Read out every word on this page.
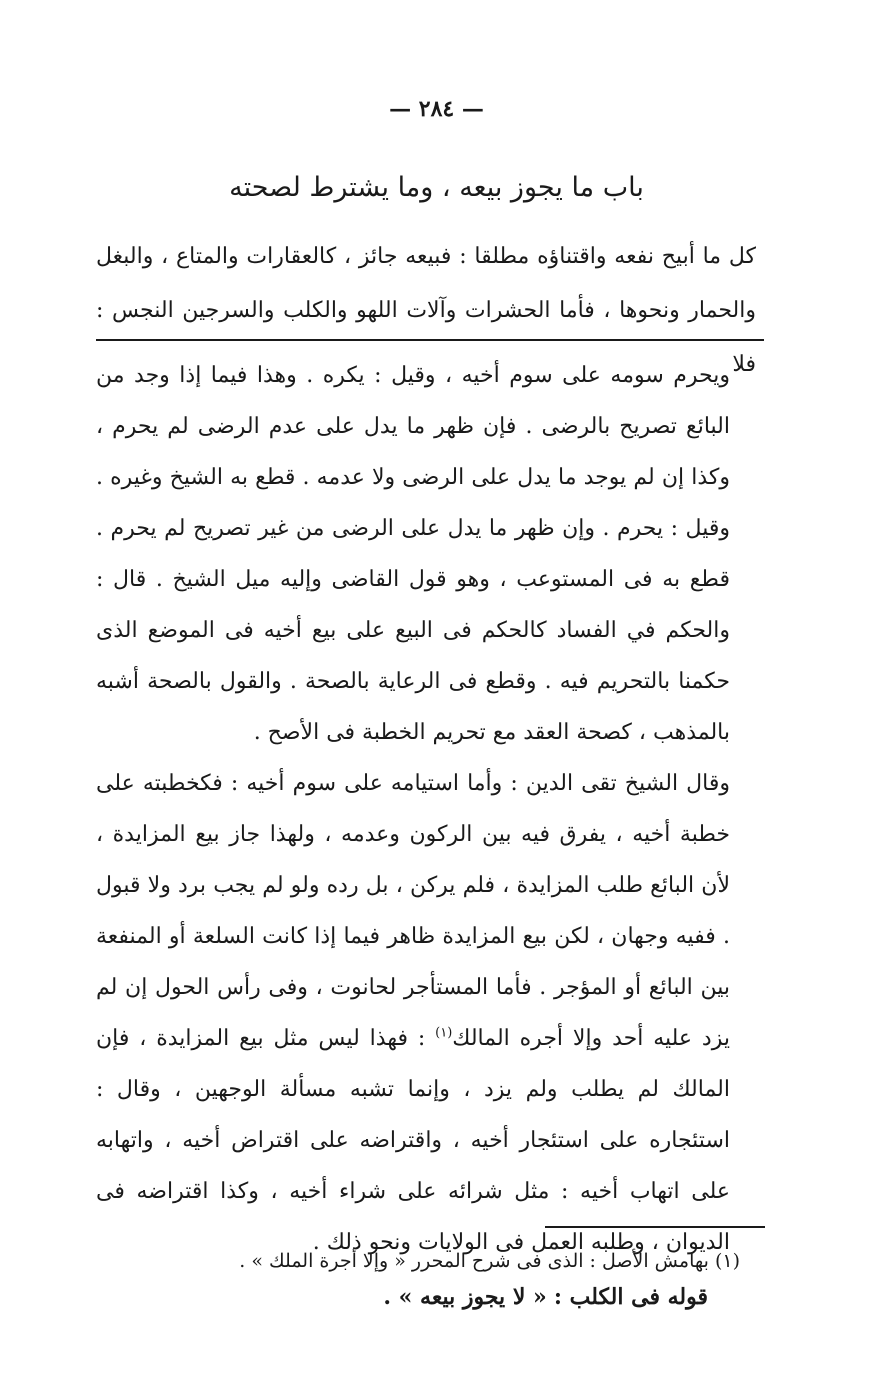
— ٢٨٤ —
باب ما يجوز بيعه ، وما يشترط لصحته
كل ما أبيح نفعه واقتناؤه مطلقا : فبيعه جائز ، كالعقارات والمتاع ، والبغل والحمار ونحوها ، فأما الحشرات وآلات اللهو والكلب والسرجين النجس : فلا

ويحرم سومه على سوم أخيه ، وقيل : يكره . وهذا فيما إذا وجد من البائع تصريح بالرضى . فإن ظهر ما يدل على عدم الرضى لم يحرم ، وكذا إن لم يوجد ما يدل على الرضى ولا عدمه . قطع به الشيخ وغيره . وقيل : يحرم . وإن ظهر ما يدل على الرضى من غير تصريح لم يحرم . قطع به فى المستوعب ، وهو قول القاضى وإليه ميل الشيخ . قال : والحكم في الفساد كالحكم فى البيع على بيع أخيه فى الموضع الذى حكمنا بالتحريم فيه . وقطع فى الرعاية بالصحة . والقول بالصحة أشبه بالمذهب ، كصحة العقد مع تحريم الخطبة فى الأصح .

وقال الشيخ تقى الدين : وأما استيامه على سوم أخيه : فكخطبته على خطبة أخيه ، يفرق فيه بين الركون وعدمه ، ولهذا جاز بيع المزايدة ، لأن البائع طلب المزايدة ، فلم يركن ، بل رده ولو لم يجب برد ولا قبول . ففيه وجهان ، لكن بيع المزايدة ظاهر فيما إذا كانت السلعة أو المنفعة بين البائع أو المؤجر . فأما المستأجر لحانوت ، وفى رأس الحول إن لم يزد عليه أحد وإلا أجره المالك$^{(١)}$ : فهذا ليس مثل بيع المزايدة ، فإن المالك لم يطلب ولم يزد ، وإنما تشبه مسألة الوجهين ، وقال : استئجاره على استئجار أخيه ، واقتراضه على اقتراض أخيه ، واتهابه على اتهاب أخيه : مثل شرائه على شراء أخيه ، وكذا اقتراضه فى الديوان ، وطلبه العمل فى الولايات ونحو ذلك .

قوله فى الكلب : « لا يجوز بيعه » .

(١) بهامش الأصل : الذى فى شرح المحرر « وإلا أجرة الملك » .
